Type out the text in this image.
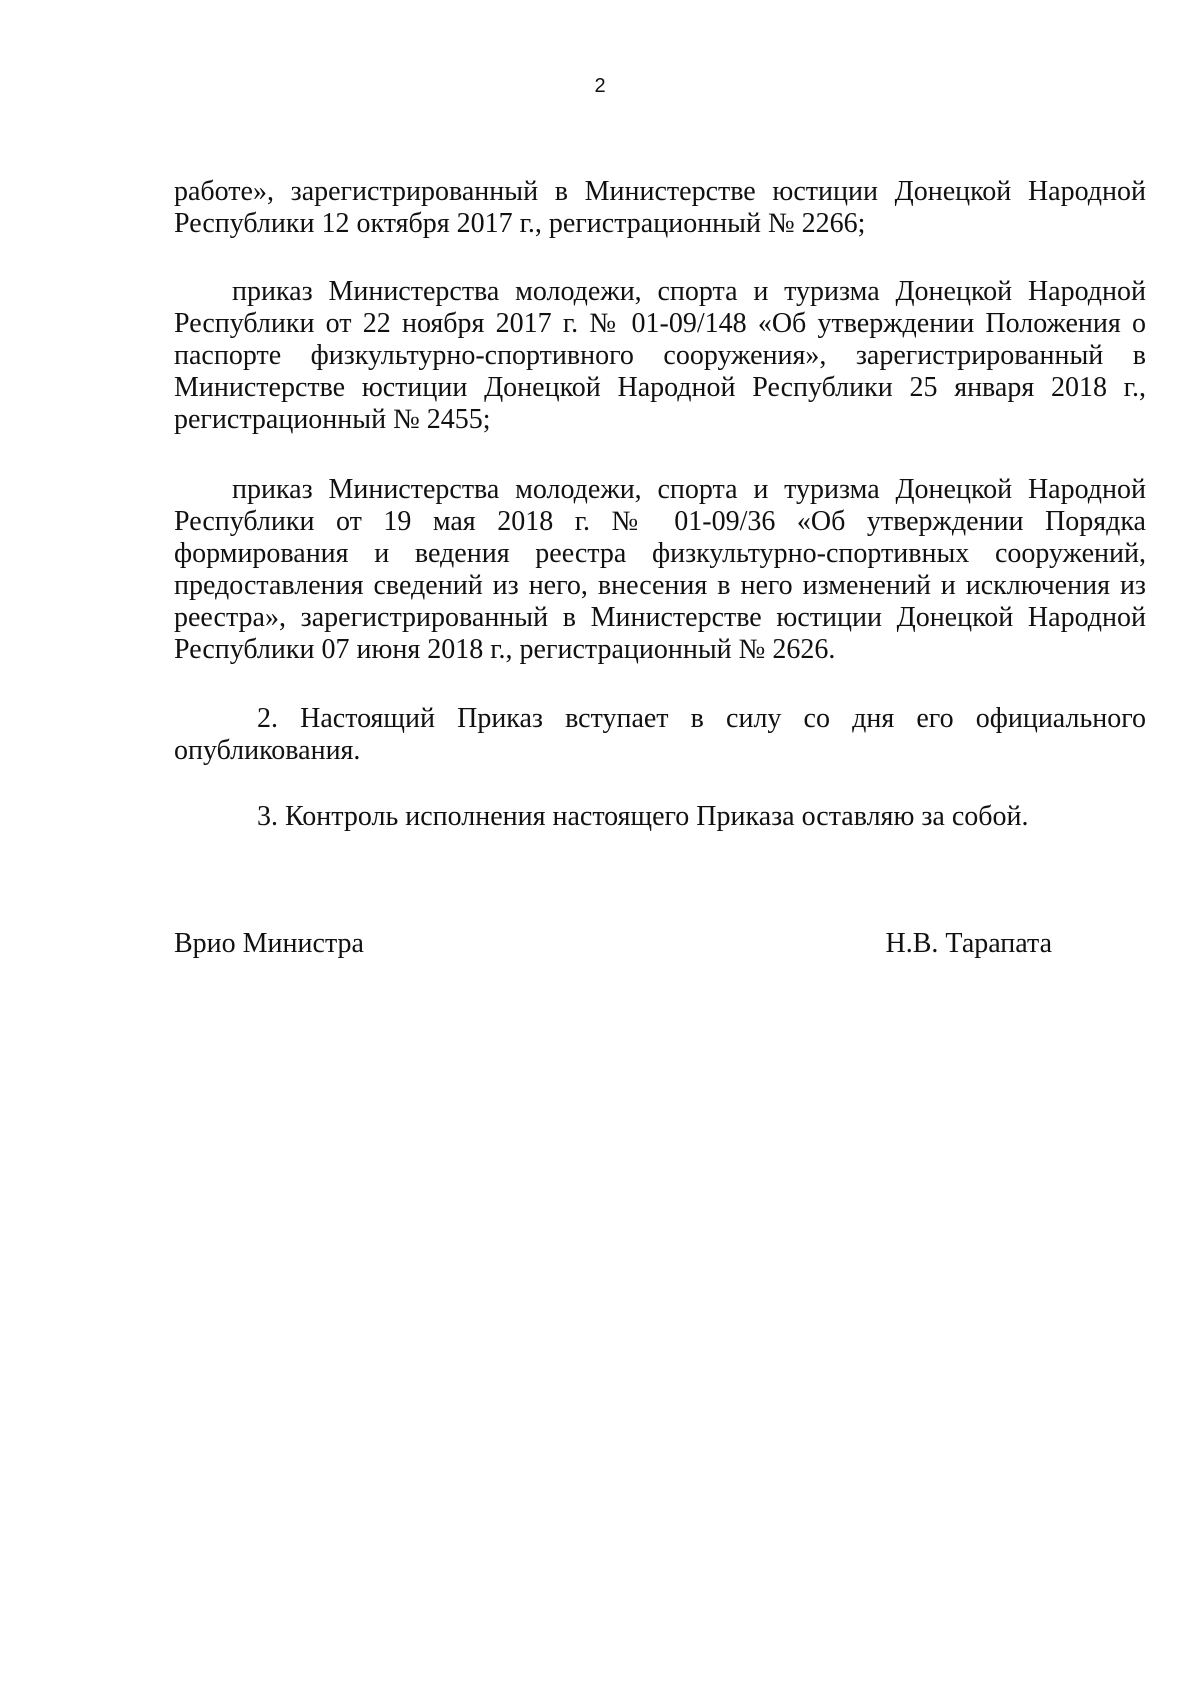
2

работе», зарегистрированный в Министерстве юстиции Донецкой Народной Республики 12 октября 2017 г., регистрационный № 2266;

приказ Министерства молодежи, спорта и туризма Донецкой Народной Республики от 22 ноября 2017 г. № 01-09/148 «Об утверждении Положения о паспорте физкультурно-спортивного сооружения», зарегистрированный в Министерстве юстиции Донецкой Народной Республики 25 января 2018 г., регистрационный № 2455;

приказ Министерства молодежи, спорта и туризма Донецкой Народной Республики от 19 мая 2018 г. № 01-09/36 «Об утверждении Порядка формирования и ведения реестра физкультурно-спортивных сооружений, предоставления сведений из него, внесения в него изменений и исключения из реестра», зарегистрированный в Министерстве юстиции Донецкой Народной Республики 07 июня 2018 г., регистрационный № 2626.

2. Настоящий Приказ вступает в силу со дня его официального опубликования.

3. Контроль исполнения настоящего Приказа оставляю за собой.

Врио Министра	Н.В. Тарапата
